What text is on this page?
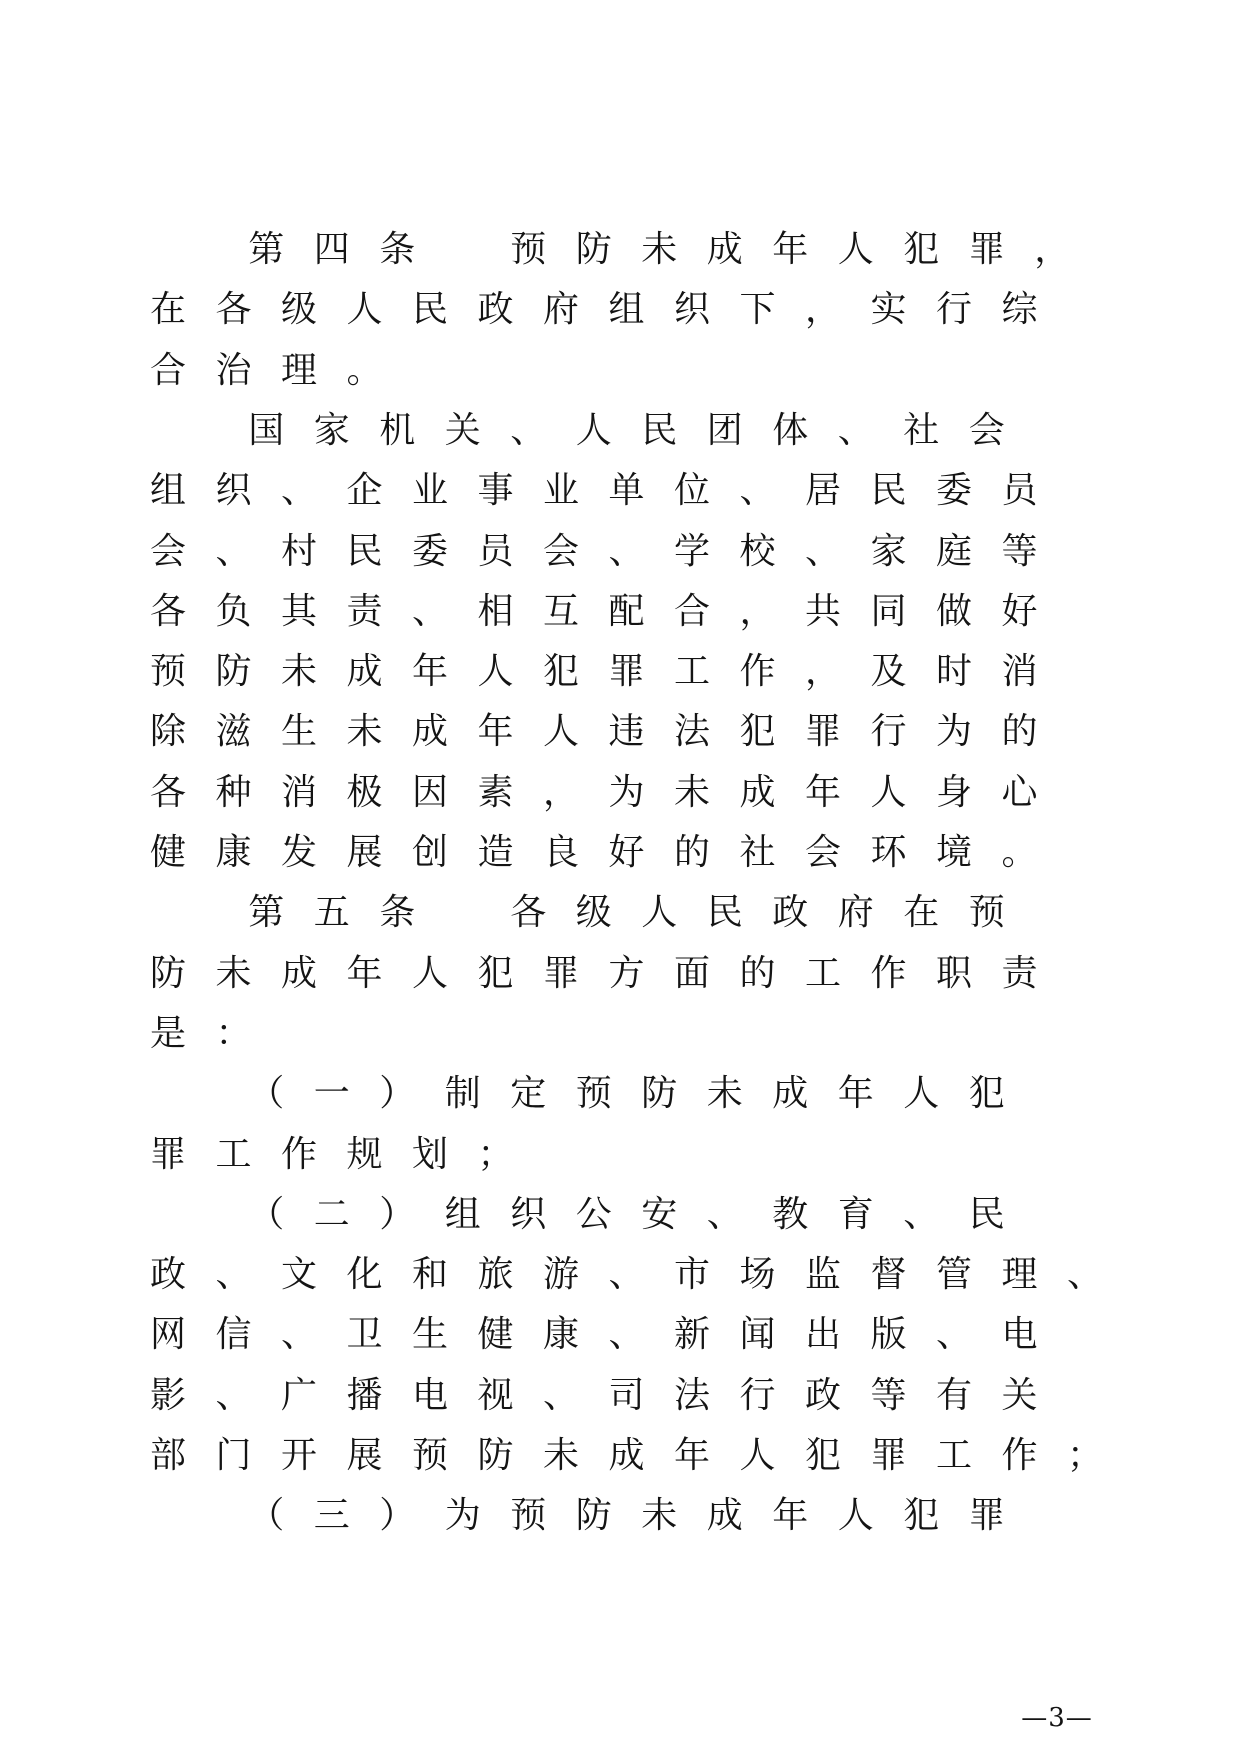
第 四 条
　	预 防 未 成 年 人 犯 罪 ，
在 各 级 人 民 政 府 组 织 下 ， 实 行 综
合 治 理 。
国 家 机 关 、 人 民 团 体 、 社 会
组 织 、 企 业 事 业 单 位 、 居 民 委 员
会 、 村 民 委 员 会 、 学 校 、 家 庭 等
各 负 其 责 、 相 互 配 合 ， 共 同 做 好
预 防 未 成 年 人 犯 罪 工 作 ， 及 时 消
除 滋 生 未 成 年 人 违 法 犯 罪 行 为 的
各 种 消 极 因 素 ， 为 未 成 年 人 身 心
健 康 发 展 创 造 良 好 的 社 会 环 境 。
第 五 条
　	各 级 人 民 政 府 在 预
防 未 成 年 人 犯 罪 方 面 的 工 作 职 责
是 ：
（ 一 ） 制 定 预 防 未 成 年 人 犯
罪 工 作 规 划 ；
（ 二 ） 组 织 公 安 、 教 育 、 民
政 、 文 化 和 旅 游 、 市 场 监 督 管 理 、
网 信 、 卫 生 健 康 、 新 闻 出 版 、 电
影 、 广 播 电 视 、 司 法 行 政 等 有 关
部 门 开 展 预 防 未 成 年 人 犯 罪 工 作 ；
（ 三 ） 为 预 防 未 成 年 人 犯 罪
—3—
